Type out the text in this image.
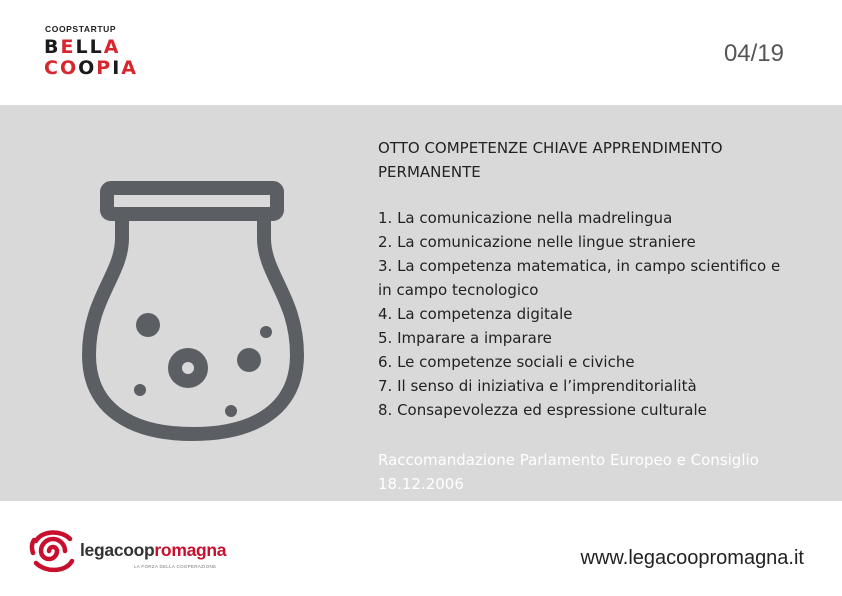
COOPSTARTUP
BELLA
COOPIA
04/19
OTTO COMPETENZE CHIAVE APPRENDIMENTO PERMANENTE
1. La comunicazione nella madrelingua
2. La comunicazione nelle lingue straniere
3. La competenza matematica, in campo scientifico e in campo tecnologico
4. La competenza digitale
5. Imparare a imparare
6. Le competenze sociali e civiche
7. Il senso di iniziativa e l’imprenditorialità
8. Consapevolezza ed espressione culturale
Raccomandazione Parlamento Europeo e Consiglio 18.12.2006
legacoopromagna
LA FORZA DELLA COOPERAZIONE	www.legacoopromagna.it
